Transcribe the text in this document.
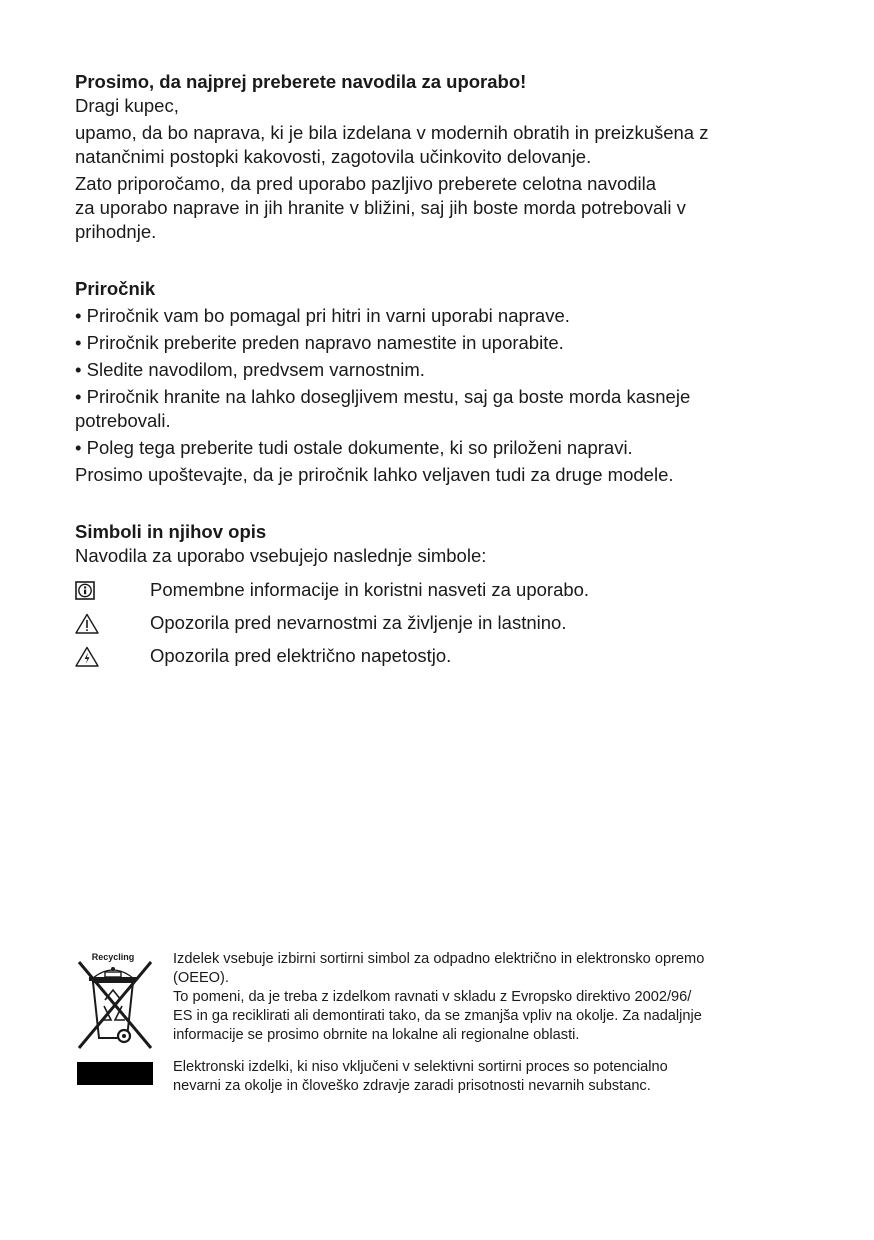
Prosimo, da najprej preberete navodila za uporabo!

Dragi kupec,

upamo, da bo naprava, ki je bila izdelana v modernih obratih in preizkušena z

natančnimi postopki kakovosti, zagotovila učinkovito delovanje.

Zato priporočamo, da pred uporabo pazljivo preberete celotna navodila

za uporabo naprave in jih hranite v bližini, saj jih boste morda potrebovali v

prihodnje.

Priročnik

• Priročnik vam bo pomagal pri hitri in varni uporabi naprave.

• Priročnik preberite preden napravo namestite in uporabite.

• Sledite navodilom, predvsem varnostnim.

• Priročnik hranite na lahko dosegljivem mestu, saj ga boste morda kasneje

potrebovali.

• Poleg tega preberite tudi ostale dokumente, ki so priloženi napravi.

Prosimo upoštevajte, da je priročnik lahko veljaven tudi za druge modele.

Simboli in njihov opis

Navodila za uporabo vsebujejo naslednje simbole:

Pomembne informacije in koristni nasveti za uporabo.
Opozorila pred nevarnostmi za življenje in lastnino.
Opozorila pred električno napetostjo.
Recycling	Izdelek vsebuje izbirni sortirni simbol za odpadno električno in elektronsko opremo

(OEEO).

To pomeni, da je treba z izdelkom ravnati v skladu z Evropsko direktivo 2002/96/

ES in ga reciklirati ali demontirati tako, da se zmanjša vpliv na okolje. Za nadaljnje

informacije se prosimo obrnite na lokalne ali regionalne oblasti.

Elektronski izdelki, ki niso vključeni v selektivni sortirni proces so potencialno

nevarni za okolje in človeško zdravje zaradi prisotnosti nevarnih substanc.
